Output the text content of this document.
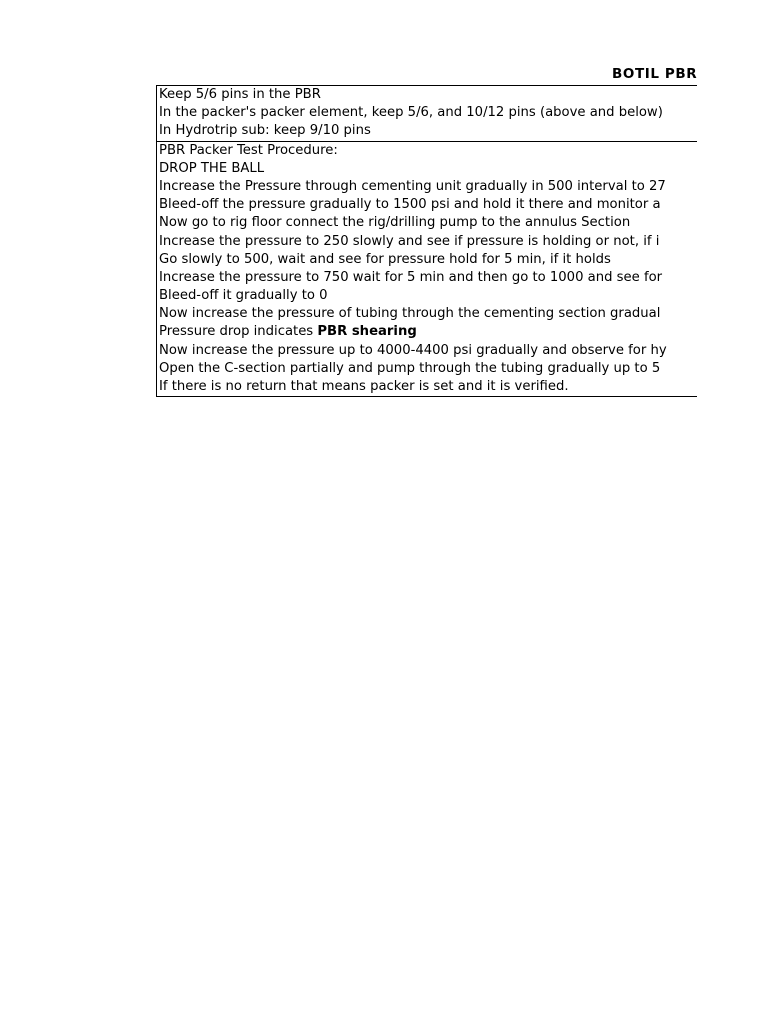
BOTIL PBR
Keep 5/6 pins in the PBR
In the packer's packer element, keep 5/6, and 10/12 pins (above and below)
In Hydrotrip sub: keep 9/10 pins
PBR Packer Test Procedure:
DROP THE BALL
Increase the Pressure through cementing unit gradually in 500 interval to 27
Bleed-off the pressure gradually to 1500 psi and hold it there and monitor a
Now go to rig floor connect the rig/drilling pump to the annulus Section
Increase the pressure to 250 slowly and see if pressure is holding or not, if i
Go slowly to 500, wait and see for pressure hold for 5 min, if it holds
Increase the pressure to 750 wait for 5 min and then go to 1000 and see for
Bleed-off it gradually to 0
Now increase the pressure of tubing through the cementing section gradual
Pressure drop indicates PBR shearing
Now increase the pressure up to 4000-4400 psi gradually and observe for hy
Open the C-section partially and pump through the tubing gradually up to 5
If there is no return that means packer is set and it is verified.
